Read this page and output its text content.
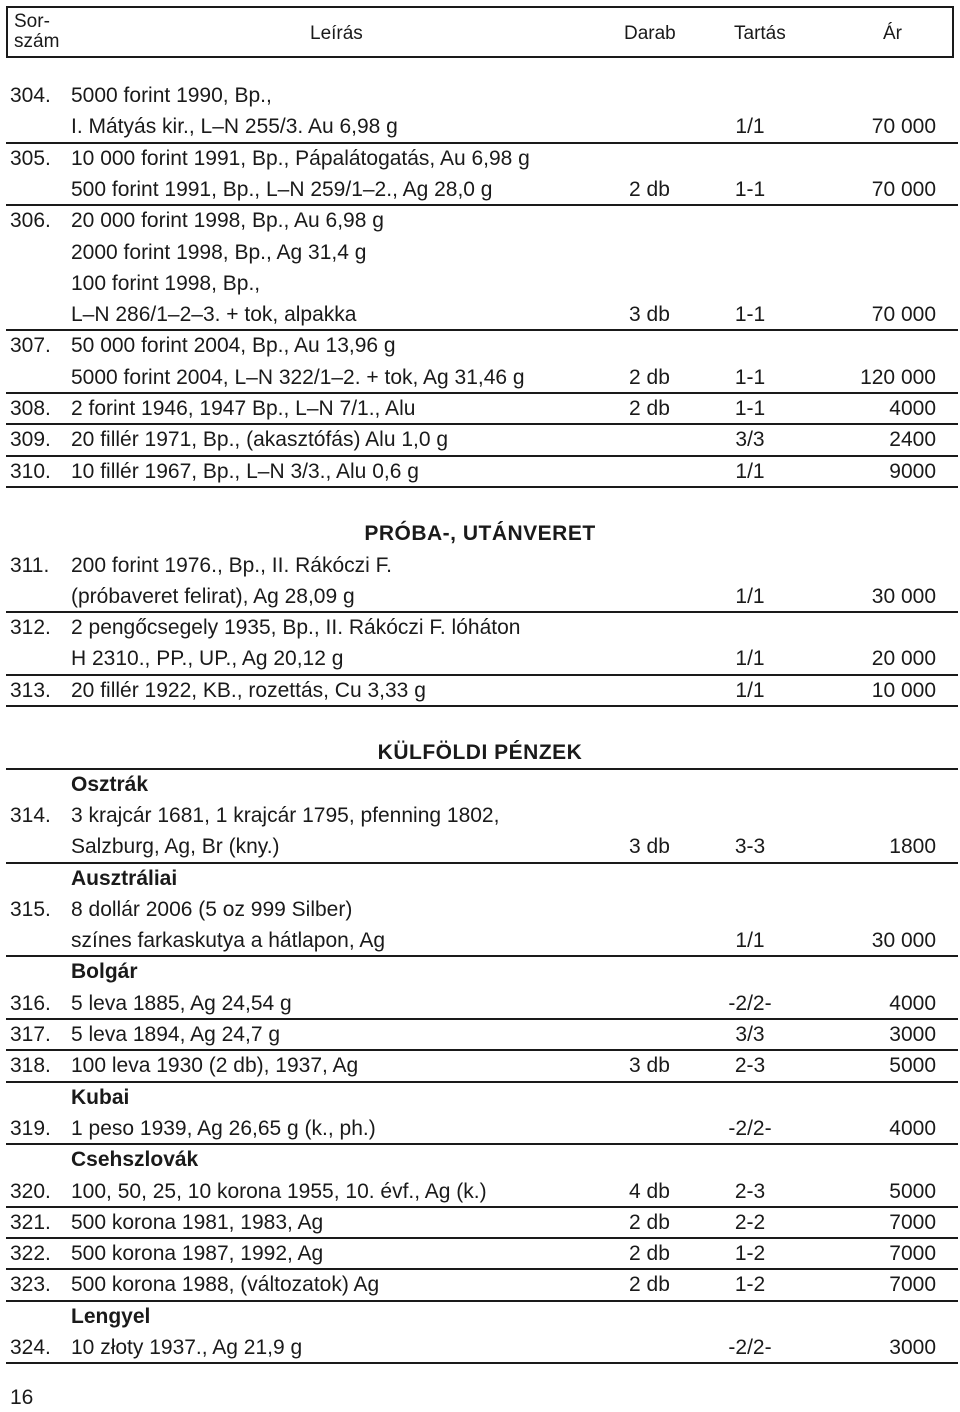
Sor-
szám	Leírás	Darab	Tartás	Ár
304. 5000 forint 1990, Bp.,
I. Mátyás kir., L–N 255/3. Au 6,98 g	1/1	70 000
305. 10 000 forint 1991, Bp., Pápalátogatás, Au 6,98 g
500 forint 1991, Bp., L–N 259/1–2., Ag 28,0 g	2 db	1-1	70 000
306. 20 000 forint 1998, Bp., Au 6,98 g
2000 forint 1998, Bp., Ag 31,4 g
100 forint 1998, Bp.,
L–N 286/1–2–3. + tok, alpakka	3 db	1-1	70 000
307. 50 000 forint 2004, Bp., Au 13,96 g
5000 forint 2004, L–N 322/1–2. + tok, Ag 31,46 g	2 db	1-1	120 000
308. 2 forint 1946, 1947 Bp., L–N 7/1., Alu	2 db	1-1	4000
309. 20 fillér 1971, Bp., (akasztófás) Alu 1,0 g	3/3	2400
310. 10 fillér 1967, Bp., L–N 3/3., Alu 0,6 g	1/1	9000
PRÓBA-, UTÁNVERET
311. 200 forint 1976., Bp., II. Rákóczi F.
(próbaveret felirat), Ag 28,09 g	1/1	30 000
312. 2 pengőcsegely 1935, Bp., II. Rákóczi F. lóháton
H 2310., PP., UP., Ag 20,12 g	1/1	20 000
313. 20 fillér 1922, KB., rozettás, Cu 3,33 g	1/1	10 000
KÜLFÖLDI PÉNZEK
Osztrák
314. 3 krajcár 1681, 1 krajcár 1795, pfenning 1802,
Salzburg, Ag, Br (kny.)	3 db	3-3	1800
Ausztráliai
315. 8 dollár 2006 (5 oz 999 Silber)
színes farkaskutya a hátlapon, Ag	1/1	30 000
Bolgár
316. 5 leva 1885, Ag 24,54 g	-2/2-	4000
317. 5 leva 1894, Ag 24,7 g	3/3	3000
318. 100 leva 1930 (2 db), 1937, Ag	3 db	2-3	5000
Kubai
319. 1 peso 1939, Ag 26,65 g (k., ph.)	-2/2-	4000
Csehszlovák
320. 100, 50, 25, 10 korona 1955, 10. évf., Ag (k.)	4 db	2-3	5000
321. 500 korona 1981, 1983, Ag	2 db	2-2	7000
322. 500 korona 1987, 1992, Ag	2 db	1-2	7000
323. 500 korona 1988, (változatok) Ag	2 db	1-2	7000
Lengyel
324. 10 złoty 1937., Ag 21,9 g	-2/2-	3000
16
